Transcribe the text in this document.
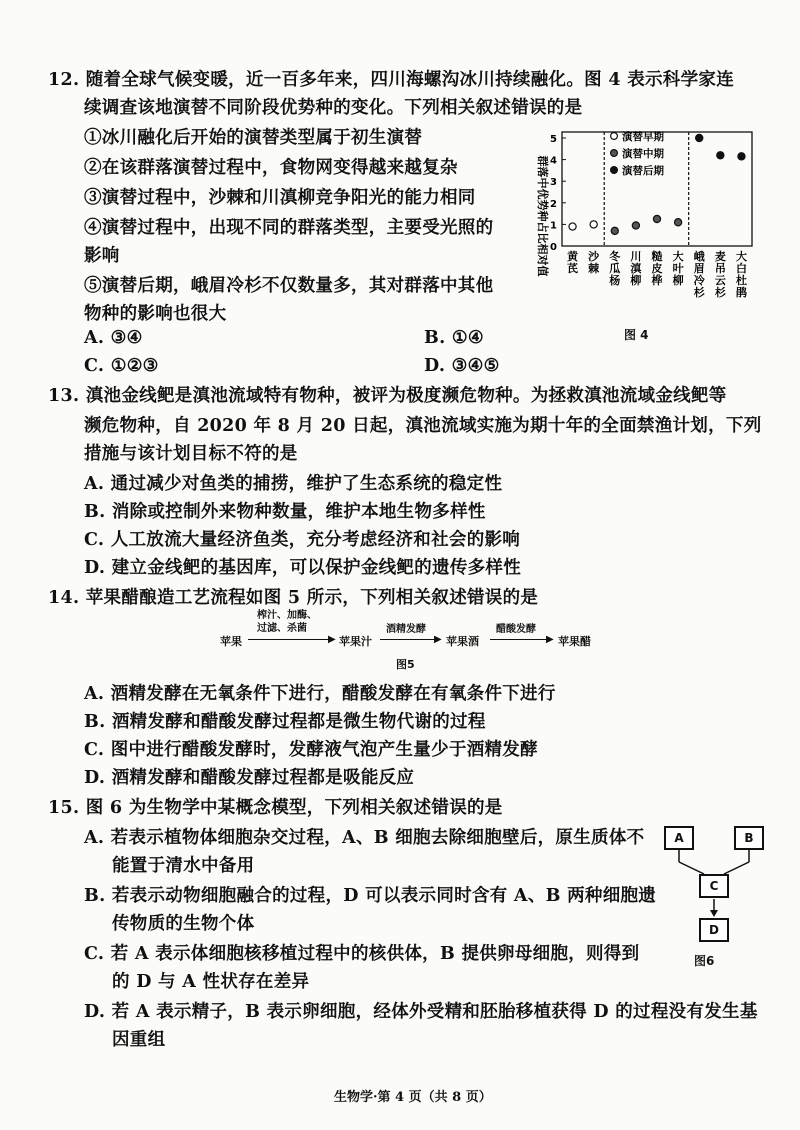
12. 随着全球气候变暖，近一百多年来，四川海螺沟冰川持续融化。图 4 表示科学家连
续调查该地演替不同阶段优势种的变化。下列相关叙述错误的是
①冰川融化后开始的演替类型属于初生演替
②在该群落演替过程中，食物网变得越来越复杂
③演替过程中，沙棘和川滇柳竞争阳光的能力相同
④演替过程中，出现不同的群落类型，主要受光照的
影响
⑤演替后期，峨眉冷杉不仅数量多，其对群落中其他
物种的影响也很大
A. ③④	B. ①④
C. ①②③	D. ③④⑤
群落中优势种占比相对值 0
1
2
3
4
5
黄
芪
沙
棘
冬
瓜
杨
川
滇
柳
糙
皮
桦
大
叶
柳
峨
眉
冷
杉
麦
吊
云
杉
大
白
杜
鹃
演替早期
演替中期
演替后期
图 4
13. 滇池金线鲃是滇池流域特有物种，被评为极度濒危物种。为拯救滇池流域金线鲃等
濒危物种，自 2020 年 8 月 20 日起，滇池流域实施为期十年的全面禁渔计划，下列
措施与该计划目标不符的是
A. 通过减少对鱼类的捕捞，维护了生态系统的稳定性
B. 消除或控制外来物种数量，维护本地生物多样性
C. 人工放流大量经济鱼类，充分考虑经济和社会的影响
D. 建立金线鲃的基因库，可以保护金线鲃的遗传多样性
14. 苹果醋酿造工艺流程如图 5 所示，下列相关叙述错误的是
苹果
榨汁、加酶、
过滤、杀菌
▶ 苹果汁
酒精发酵
▶ 苹果酒
醋酸发酵
▶ 苹果醋
图5
A. 酒精发酵在无氧条件下进行，醋酸发酵在有氧条件下进行
B. 酒精发酵和醋酸发酵过程都是微生物代谢的过程
C. 图中进行醋酸发酵时，发酵液气泡产生量少于酒精发酵
D. 酒精发酵和醋酸发酵过程都是吸能反应
15. 图 6 为生物学中某概念模型，下列相关叙述错误的是
A. 若表示植物体细胞杂交过程，A、B 细胞去除细胞壁后，原生质体不
能置于清水中备用
B. 若表示动物细胞融合的过程，D 可以表示同时含有 A、B 两种细胞遗
传物质的生物个体
C. 若 A 表示体细胞核移植过程中的核供体，B 提供卵母细胞，则得到
的 D 与 A 性状存在差异
D. 若 A 表示精子，B 表示卵细胞，经体外受精和胚胎移植获得 D 的过程没有发生基
因重组
A	B
C
D
图6
生物学·第 4 页（共 8 页）
